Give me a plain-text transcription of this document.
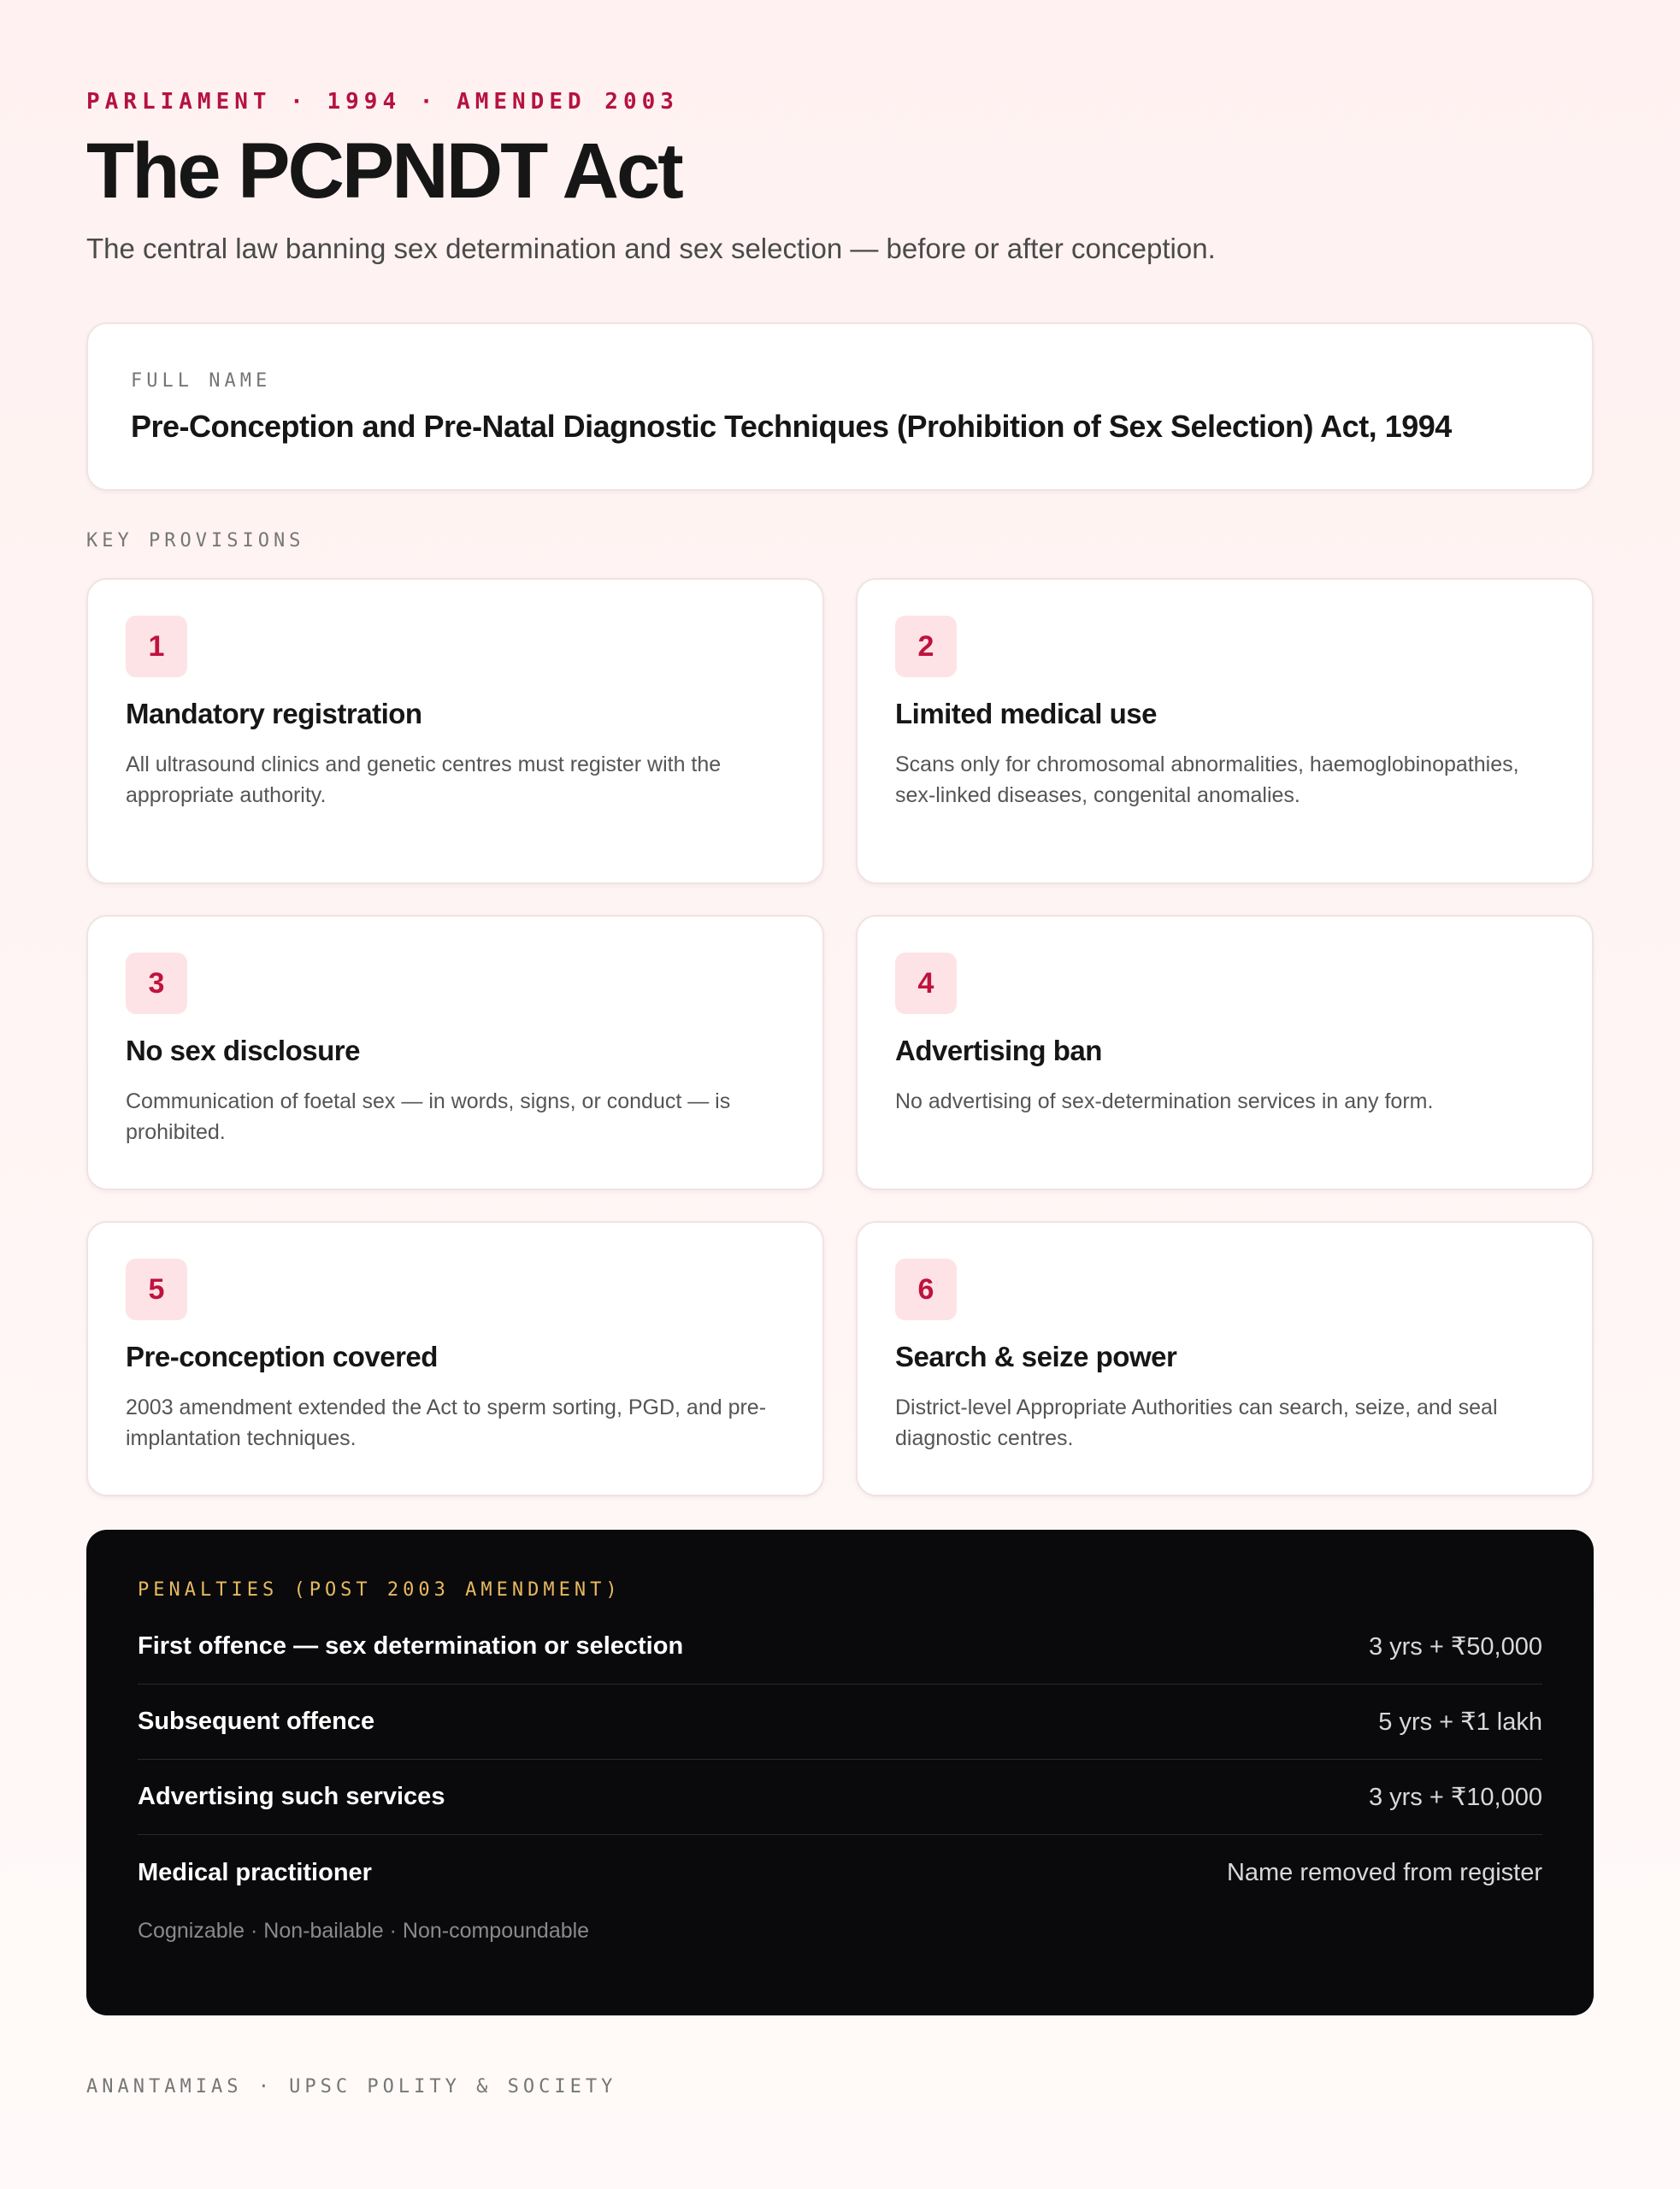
PARLIAMENT · 1994 · AMENDED 2003
The PCPNDT Act

The central law banning sex determination and sex selection — before or after conception.

FULL NAME
Pre-Conception and Pre-Natal Diagnostic Techniques (Prohibition of Sex Selection) Act, 1994
KEY PROVISIONS
1
Mandatory registration
All ultrasound clinics and genetic centres must register with the appropriate authority.
2
Limited medical use
Scans only for chromosomal abnormalities, haemoglobinopathies, sex-linked diseases, congenital anomalies.
3
No sex disclosure
Communication of foetal sex — in words, signs, or conduct — is prohibited.
4
Advertising ban
No advertising of sex-determination services in any form.
5
Pre-conception covered
2003 amendment extended the Act to sperm sorting, PGD, and pre-implantation techniques.
6
Search & seize power
District-level Appropriate Authorities can search, seize, and seal diagnostic centres.
PENALTIES (POST 2003 AMENDMENT)
First offence — sex determination or selection	3 yrs + ₹50,000
Subsequent offence	5 yrs + ₹1 lakh
Advertising such services	3 yrs + ₹10,000
Medical practitioner	Name removed from register
Cognizable · Non-bailable · Non-compoundable
ANANTAMIAS · UPSC POLITY & SOCIETY
